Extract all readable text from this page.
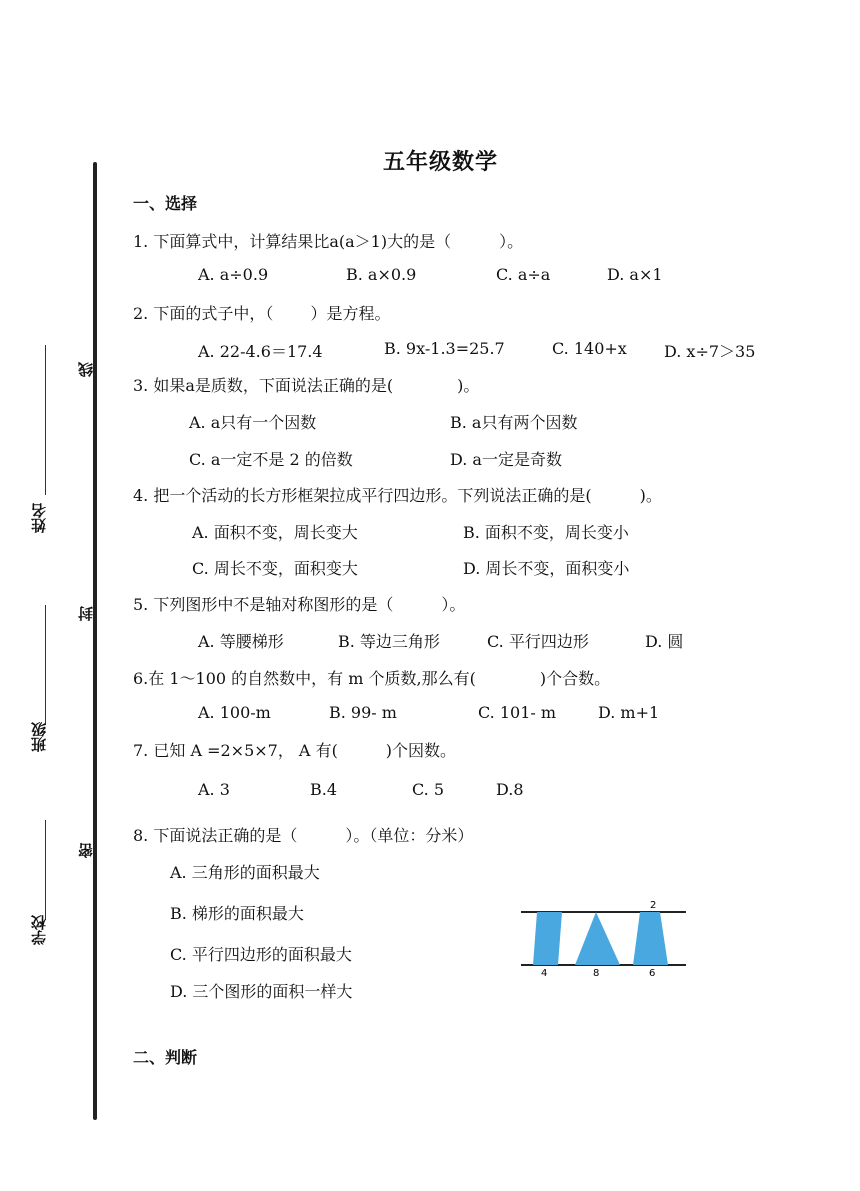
线
封
密
姓名
班级
学校
五年级数学
一、选择
1. 下面算式中，计算结果比a(a＞1)大的是（　　　）。
A. a÷0.9	B. a×0.9	C. a÷a	D. a×1
2. 下面的式子中，（　　 ）是方程。
A. 22-4.6＝17.4	B. 9x-1.3=25.7	C. 140+x D. x÷7＞35
3. 如果a是质数，下面说法正确的是(　　　　)。
A. a只有一个因数	B. a只有两个因数
C. a一定不是 2 的倍数	D. a一定是奇数
4. 把一个活动的长方形框架拉成平行四边形。下列说法正确的是(　　　)。
A. 面积不变，周长变大	B. 面积不变，周长变小
C. 周长不变，面积变大	D. 周长不变，面积变小
5. 下列图形中不是轴对称图形的是（　　　）。
A. 等腰梯形	B. 等边三角形	C. 平行四边形	D. 圆
6.在 1～100 的自然数中，有 m 个质数,那么有(　　　　)个合数。
A. 100-m	B. 99- m	C. 101- m	D. m+1
7. 已知 A =2×5×7， A 有(　　　)个因数。
A. 3	B.4	C. 5	D.8
8. 下面说法正确的是（　　　）。（单位：分米）
A. 三角形的面积最大
B. 梯形的面积最大
C. 平行四边形的面积最大
D. 三个图形的面积一样大
2
4	8	6
二、判断
